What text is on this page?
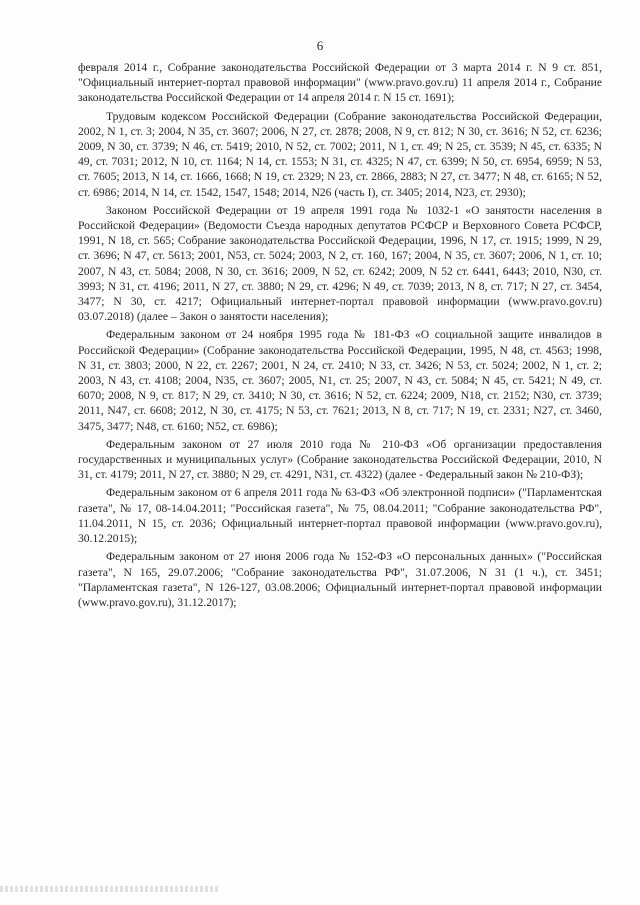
6

февраля 2014 г., Собрание законодательства Российской Федерации от 3 марта 2014 г. N 9 ст. 851, "Официальный интернет-портал правовой информации" (www.pravo.gov.ru) 11 апреля 2014 г., Собрание законодательства Российской Федерации от 14 апреля 2014 г. N 15 ст. 1691);

Трудовым кодексом Российской Федерации (Собрание законодательства Российской Федерации, 2002, N 1, ст. 3; 2004, N 35, ст. 3607; 2006, N 27, ст. 2878; 2008, N 9, ст. 812; N 30, ст. 3616; N 52, ст. 6236; 2009, N 30, ст. 3739; N 46, ст. 5419; 2010, N 52, ст. 7002; 2011, N 1, ст. 49; N 25, ст. 3539; N 45, ст. 6335; N 49, ст. 7031; 2012, N 10, ст. 1164; N 14, ст. 1553; N 31, ст. 4325; N 47, ст. 6399; N 50, ст. 6954, 6959; N 53, ст. 7605; 2013, N 14, ст. 1666, 1668; N 19, ст. 2329; N 23, ст. 2866, 2883; N 27, ст. 3477; N 48, ст. 6165; N 52, ст. 6986; 2014, N 14, ст. 1542, 1547, 1548; 2014, N26 (часть I), ст. 3405; 2014, N23, ст. 2930);

Законом Российской Федерации от 19 апреля 1991 года № 1032-1 «О занятости населения в Российской Федерации» (Ведомости Съезда народных депутатов РСФСР и Верховного Совета РСФСР, 1991, N 18, ст. 565; Собрание законодательства Российской Федерации, 1996, N 17, ст. 1915; 1999, N 29, ст. 3696; N 47, ст. 5613; 2001, N53, ст. 5024; 2003, N 2, ст. 160, 167; 2004, N 35, ст. 3607; 2006, N 1, ст. 10; 2007, N 43, ст. 5084; 2008, N 30, ст. 3616; 2009, N 52, ст. 6242; 2009, N 52 ст. 6441, 6443; 2010, N30, ст. 3993; N 31, ст. 4196; 2011, N 27, ст. 3880; N 29, ст. 4296; N 49, ст. 7039; 2013, N 8, ст. 717; N 27, ст. 3454, 3477; N 30, ст. 4217; Официальный интернет-портал правовой информации (www.pravo.gov.ru) 03.07.2018) (далее – Закон о занятости населения);

Федеральным законом от 24 ноября 1995 года № 181-ФЗ «О социальной защите инвалидов в Российской Федерации» (Собрание законодательства Российской Федерации, 1995, N 48, ст. 4563; 1998, N 31, ст. 3803; 2000, N 22, ст. 2267; 2001, N 24, ст. 2410; N 33, ст. 3426; N 53, ст. 5024; 2002, N 1, ст. 2; 2003, N 43, ст. 4108; 2004, N35, ст. 3607; 2005, N1, ст. 25; 2007, N 43, ст. 5084; N 45, ст. 5421; N 49, ст. 6070; 2008, N 9, ст. 817; N 29, ст. 3410; N 30, ст. 3616; N 52, ст. 6224; 2009, N18, ст. 2152; N30, ст. 3739; 2011, N47, ст. 6608; 2012, N 30, ст. 4175; N 53, ст. 7621; 2013, N 8, ст. 717; N 19, ст. 2331; N27, ст. 3460, 3475, 3477; N48, ст. 6160; N52, ст. 6986);

Федеральным законом от 27 июля 2010 года № 210-ФЗ «Об организации предоставления государственных и муниципальных услуг» (Собрание законодательства Российской Федерации, 2010, N 31, ст. 4179; 2011, N 27, ст. 3880; N 29, ст. 4291, N31, ст. 4322) (далее - Федеральный закон № 210-ФЗ);

Федеральным законом от 6 апреля 2011 года № 63-ФЗ «Об электронной подписи» ("Парламентская газета", № 17, 08-14.04.2011; "Российская газета", № 75, 08.04.2011; "Собрание законодательства РФ", 11.04.2011, N 15, ст. 2036; Официальный интернет-портал правовой информации (www.pravo.gov.ru), 30.12.2015);

Федеральным законом от 27 июня 2006 года № 152-ФЗ «О персональных данных» ("Российская газета", N 165, 29.07.2006; "Собрание законодательства РФ", 31.07.2006, N 31 (1 ч.), ст. 3451; "Парламентская газета", N 126-127, 03.08.2006; Официальный интернет-портал правовой информации (www.pravo.gov.ru), 31.12.2017);
